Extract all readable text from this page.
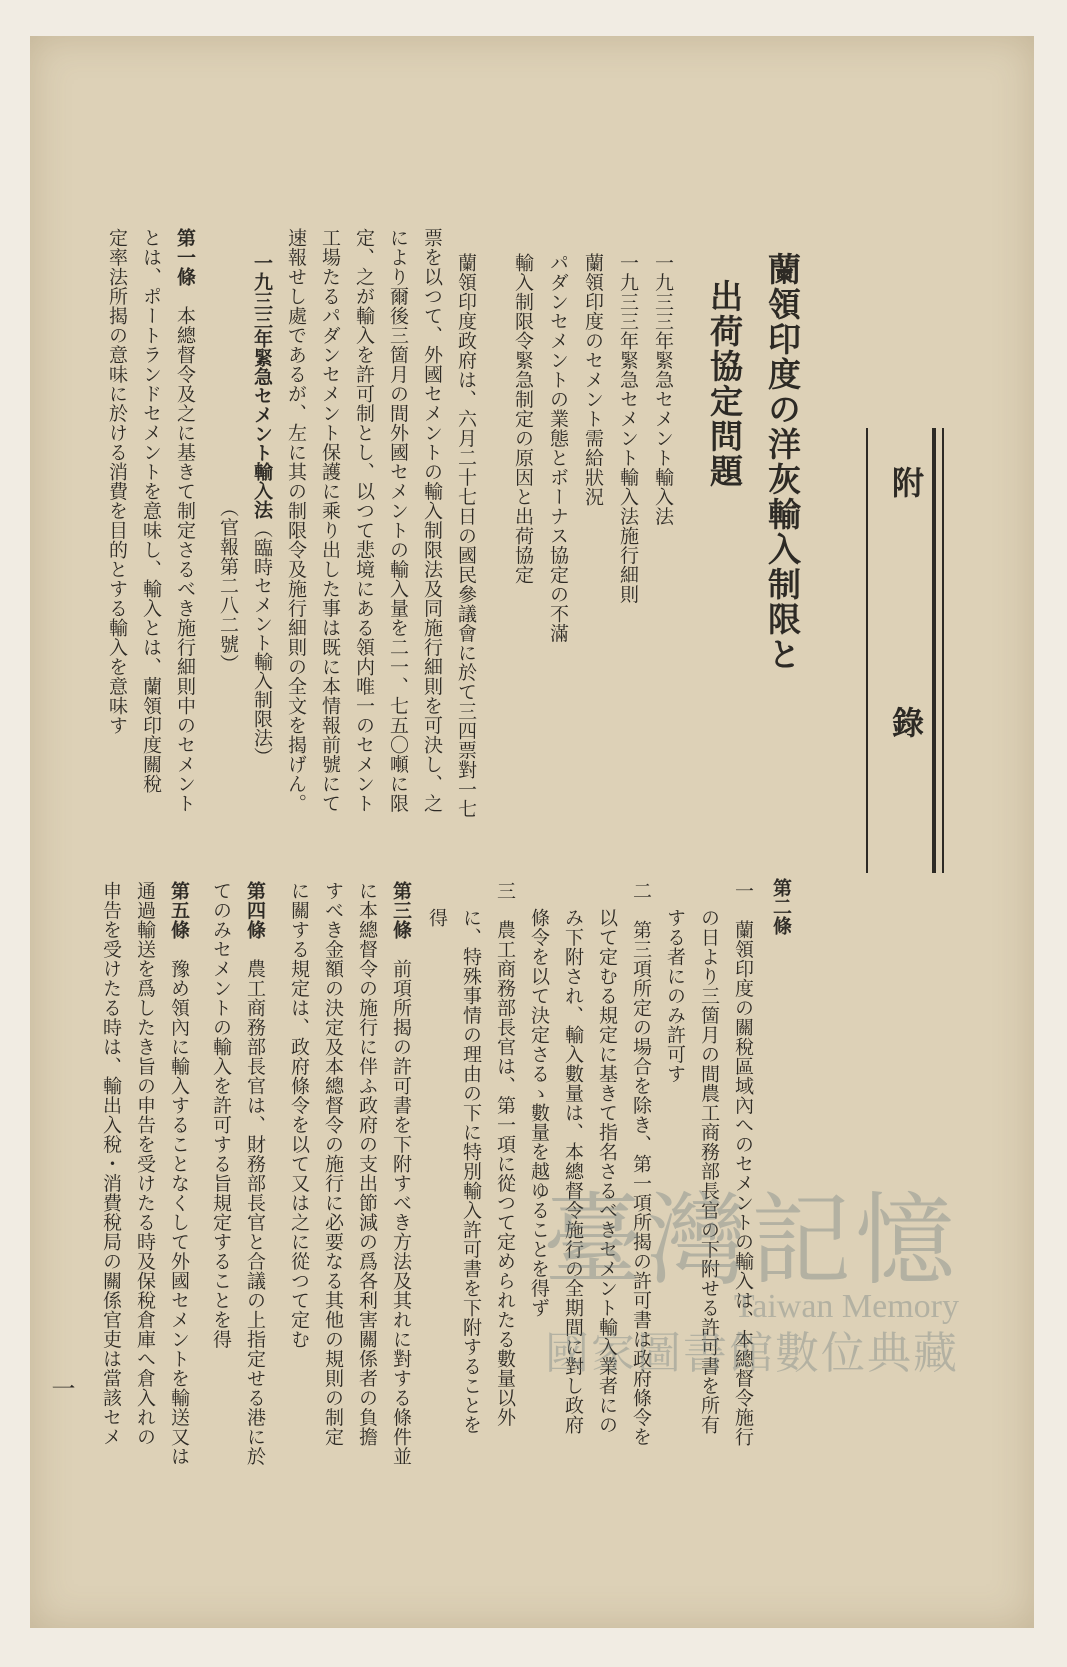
附
錄
蘭領印度の洋灰輸入制限と
出荷協定問題
一九三三年緊急セメント輸入法
一九三三年緊急セメント輸入法施行細則
蘭領印度のセメント需給狀況
パダンセメントの業態とボーナス協定の不滿
輸入制限令緊急制定の原因と出荷協定
蘭領印度政府は、六月二十七日の國民參議會に於て三四票對一七
票を以つて、外國セメントの輸入制限法及同施行細則を可決し、之
により爾後三箇月の間外國セメントの輸入量を二一、七五〇噸に限
定、之が輸入を許可制とし、以つて悲境にある領内唯一のセメント
工場たるパダンセメント保護に乘り出した事は既に本情報前號にて
速報せし處であるが、左に其の制限令及施行細則の全文を揭げん。
一九三三年緊急セメント輸入法（臨時セメント輸入制限法）
（官報第二八二號）
第一條　本總督令及之に基きて制定さるべき施行細則中のセメント
とは、ポートランドセメントを意味し、輸入とは、蘭領印度關稅
定率法所揭の意味に於ける消費を目的とする輸入を意味す
第二條
一　蘭領印度の關稅區域內へのセメントの輸入は、本總督令施行
の日より三箇月の間農工商務部長官の下附せる許可書を所有
する者にのみ許可す
二　第三項所定の場合を除き、第一項所揭の許可書は政府條令を
以て定むる規定に基きて指名さるべきセメント輸入業者にの
み下附され、輸入數量は、本總督令施行の全期間に對し政府
條令を以て決定さるゝ數量を越ゆることを得ず
三　農工商務部長官は、第一項に從つて定められたる數量以外
に、特殊事情の理由の下に特別輸入許可書を下附することを
得
第三條　前項所揭の許可書を下附すべき方法及其れに對する條件並
に本總督令の施行に伴ふ政府の支出節減の爲各利害關係者の負擔
すべき金額の決定及本總督令の施行に必要なる其他の規則の制定
に關する規定は、政府條令を以て又は之に從つて定む
第四條　農工商務部長官は、財務部長官と合議の上指定せる港に於
てのみセメントの輸入を許可する旨規定することを得
第五條　豫め領內に輸入することなくして外國セメントを輸送又は
通過輸送を爲したき旨の申告を受けたる時及保稅倉庫へ倉入れの
申告を受けたる時は、輸出入稅・消費稅局の關係官吏は當該セメ
一
臺灣記憶
Taiwan Memory
國家圖書館數位典藏
